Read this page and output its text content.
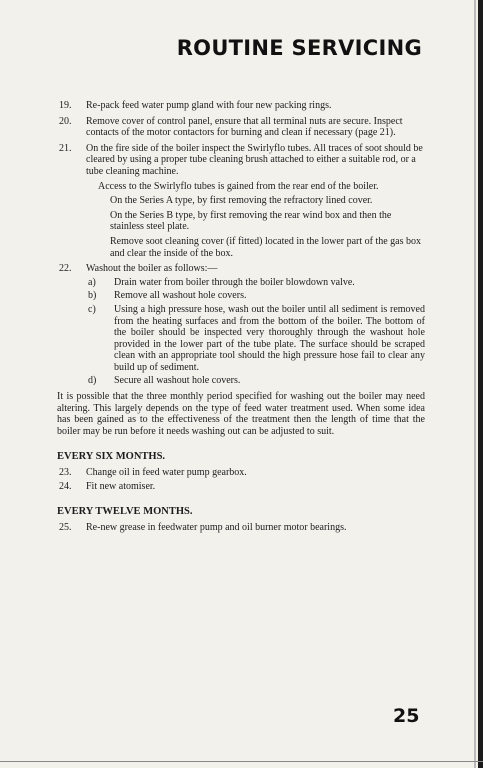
ROUTINE SERVICING
19. Re-pack feed water pump gland with four new packing rings.

20. Remove cover of control panel, ensure that all terminal nuts are secure. Inspect contacts of the motor contactors for burning and clean if necessary (page 21).

21. On the fire side of the boiler inspect the Swirlyflo tubes. All traces of soot should be cleared by using a proper tube cleaning brush attached to either a suitable rod, or a tube cleaning machine.

Access to the Swirlyflo tubes is gained from the rear end of the boiler.

On the Series A type, by first removing the refractory lined cover.

On the Series B type, by first removing the rear wind box and then the stainless steel plate.

Remove soot cleaning cover (if fitted) located in the lower part of the gas box and clear the inside of the box.

22. Washout the boiler as follows:—

a) Drain water from boiler through the boiler blowdown valve.

b) Remove all washout hole covers.

c) Using a high pressure hose, wash out the boiler until all sediment is removed from the heating surfaces and from the bottom of the boiler. The bottom of the boiler should be inspected very thoroughly through the washout hole provided in the lower part of the tube plate. The surface should be scraped clean with an appropriate tool should the high pressure hose fail to clear any build up of sediment.

d) Secure all washout hole covers.

It is possible that the three monthly period specified for washing out the boiler may need altering. This largely depends on the type of feed water treatment used. When some idea has been gained as to the effectiveness of the treatment then the length of time that the boiler may be run before it needs washing out can be adjusted to suit.

EVERY SIX MONTHS.
23. Change oil in feed water pump gearbox.

24. Fit new atomiser.

EVERY TWELVE MONTHS.
25. Re-new grease in feedwater pump and oil burner motor bearings.

25
